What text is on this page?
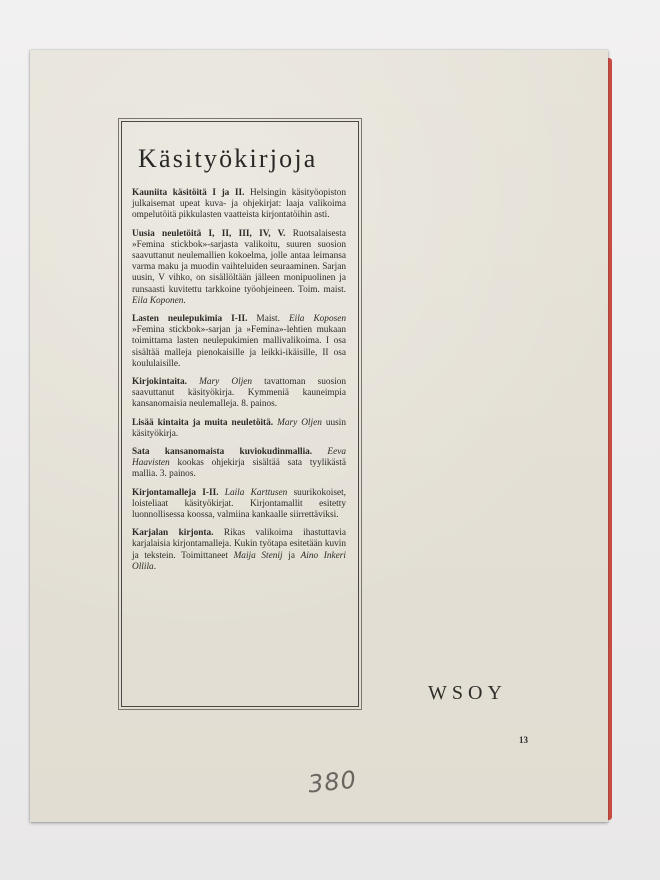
Käsityökirjoja

Kauniita käsitöitä I ja II. Helsingin käsityöopiston julkaisemat upeat kuva- ja ohjekirjat: laaja valikoima ompelutöitä pikkulasten vaatteista kirjontatöihin asti.

Uusia neuletöitä I, II, III, IV, V. Ruotsalaisesta »Femina stickbok»-sarjasta valikoitu, suuren suosion saavuttanut neulemallien kokoelma, jolle antaa leimansa varma maku ja muodin vaihteluiden seuraaminen. Sarjan uusin, V vihko, on sisällöltään jälleen monipuolinen ja runsaasti kuvitettu tarkkoine työohjeineen. Toim. maist. Eila Koponen.

Lasten neulepukimia I-II. Maist. Eila Koposen »Femina stickbok»-sarjan ja »Femina»-lehtien mukaan toimittama lasten neulepukimien mallivalikoima. I osa sisältää malleja pienokaisille ja leikki-ikäisille, II osa koululaisille.

Kirjokintaita. Mary Oljen tavattoman suosion saavuttanut käsityökirja. Kymmeniä kauneimpia kansanomaisia neulemalleja. 8. painos.

Lisää kintaita ja muita neuletöitä. Mary Oljen uusin käsityökirja.

Sata kansanomaista kuviokudinmallia. Eeva Haavisten kookas ohjekirja sisältää sata tyylikästä mallia. 3. painos.

Kirjontamalleja I-II. Laila Karttusen suurikokoiset, loisteliaat käsityökirjat. Kirjontamallit esitetty luonnollisessa koossa, valmiina kankaalle siirrettäviksi.

Karjalan kirjonta. Rikas valikoima ihastuttavia karjalaisia kirjontamalleja. Kukin työtapa esitetään kuvin ja tekstein. Toimittaneet Maija Stenij ja Aino Inkeri Ollila.

WSOY
13
380
